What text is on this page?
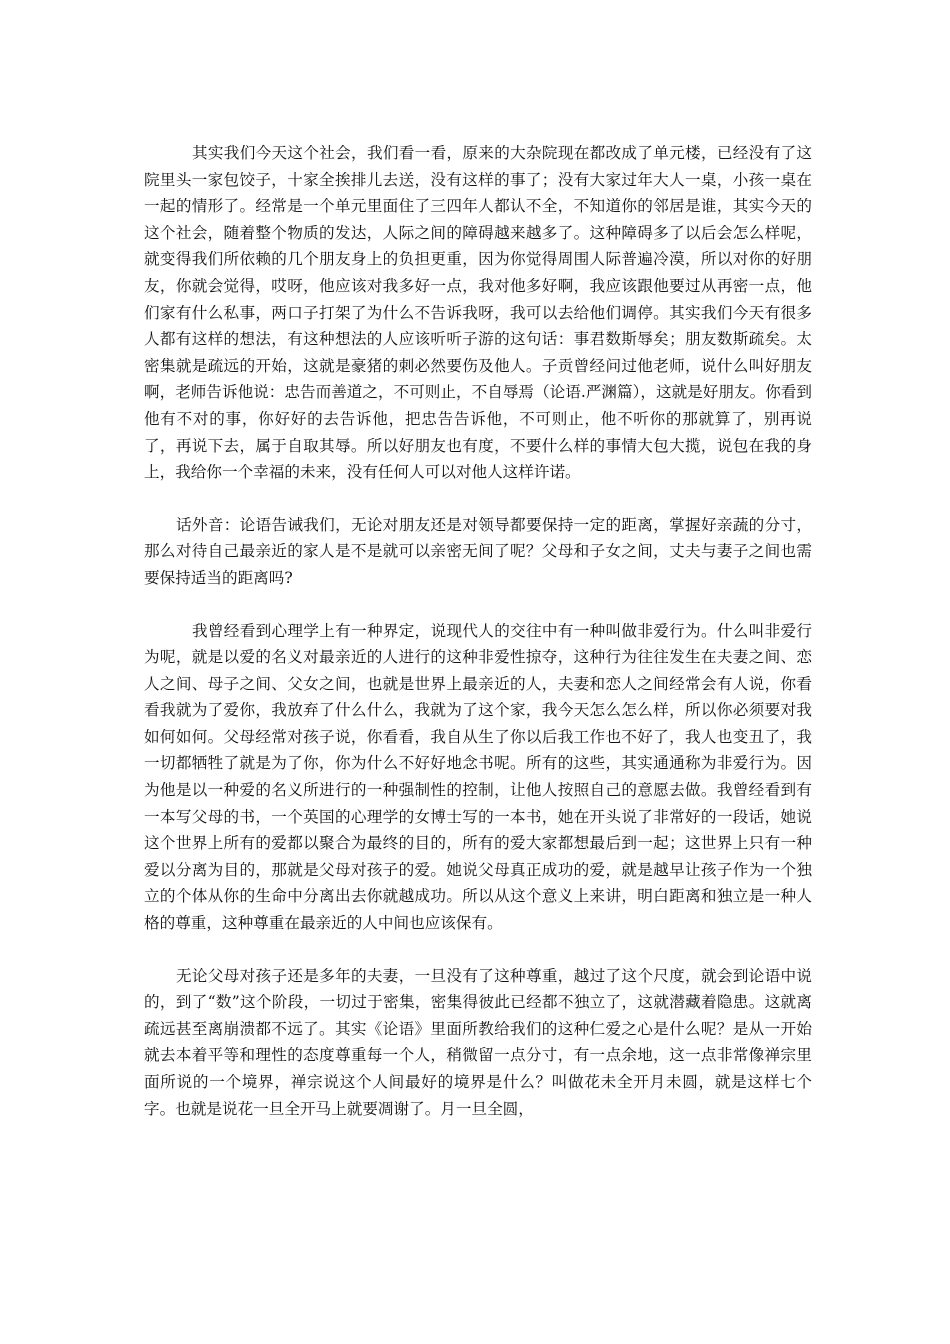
其实我们今天这个社会，我们看一看，原来的大杂院现在都改成了单元楼，已经没有了这院里头一家包饺子，十家全挨排儿去送，没有这样的事了；没有大家过年大人一桌，小孩一桌在一起的情形了。经常是一个单元里面住了三四年人都认不全，不知道你的邻居是谁，其实今天的这个社会，随着整个物质的发达，人际之间的障碍越来越多了。这种障碍多了以后会怎么样呢，就变得我们所依赖的几个朋友身上的负担更重，因为你觉得周围人际普遍冷漠，所以对你的好朋友，你就会觉得，哎呀，他应该对我多好一点，我对他多好啊，我应该跟他要过从再密一点，他们家有什么私事，两口子打架了为什么不告诉我呀，我可以去给他们调停。其实我们今天有很多人都有这样的想法，有这种想法的人应该听听子游的这句话：事君数斯辱矣；朋友数斯疏矣。太密集就是疏远的开始，这就是豪猪的刺必然要伤及他人。子贡曾经问过他老师，说什么叫好朋友啊，老师告诉他说：忠告而善道之，不可则止，不自辱焉（论语.严渊篇），这就是好朋友。你看到他有不对的事，你好好的去告诉他，把忠告告诉他，不可则止，他不听你的那就算了，别再说了，再说下去，属于自取其辱。所以好朋友也有度，不要什么样的事情大包大揽，说包在我的身上，我给你一个幸福的未来，没有任何人可以对他人这样许诺。

话外音：论语告诫我们，无论对朋友还是对领导都要保持一定的距离，掌握好亲蔬的分寸，那么对待自己最亲近的家人是不是就可以亲密无间了呢？父母和子女之间，丈夫与妻子之间也需要保持适当的距离吗?

我曾经看到心理学上有一种界定，说现代人的交往中有一种叫做非爱行为。什么叫非爱行为呢，就是以爱的名义对最亲近的人进行的这种非爱性掠夺，这种行为往往发生在夫妻之间、恋人之间、母子之间、父女之间，也就是世界上最亲近的人，夫妻和恋人之间经常会有人说，你看看我就为了爱你，我放弃了什么什么，我就为了这个家，我今天怎么怎么样，所以你必须要对我如何如何。父母经常对孩子说，你看看，我自从生了你以后我工作也不好了，我人也变丑了，我一切都牺牲了就是为了你，你为什么不好好地念书呢。所有的这些，其实通通称为非爱行为。因为他是以一种爱的名义所进行的一种强制性的控制，让他人按照自己的意愿去做。我曾经看到有一本写父母的书，一个英国的心理学的女博士写的一本书，她在开头说了非常好的一段话，她说这个世界上所有的爱都以聚合为最终的目的，所有的爱大家都想最后到一起；这世界上只有一种爱以分离为目的，那就是父母对孩子的爱。她说父母真正成功的爱，就是越早让孩子作为一个独立的个体从你的生命中分离出去你就越成功。所以从这个意义上来讲，明白距离和独立是一种人格的尊重，这种尊重在最亲近的人中间也应该保有。

无论父母对孩子还是多年的夫妻，一旦没有了这种尊重，越过了这个尺度，就会到论语中说的，到了“数”这个阶段，一切过于密集，密集得彼此已经都不独立了，这就潜藏着隐患。这就离疏远甚至离崩溃都不远了。其实《论语》里面所教给我们的这种仁爱之心是什么呢？是从一开始就去本着平等和理性的态度尊重每一个人，稍微留一点分寸，有一点余地，这一点非常像禅宗里面所说的一个境界，禅宗说这个人间最好的境界是什么？叫做花未全开月未圆，就是这样七个字。也就是说花一旦全开马上就要凋谢了。月一旦全圆，
